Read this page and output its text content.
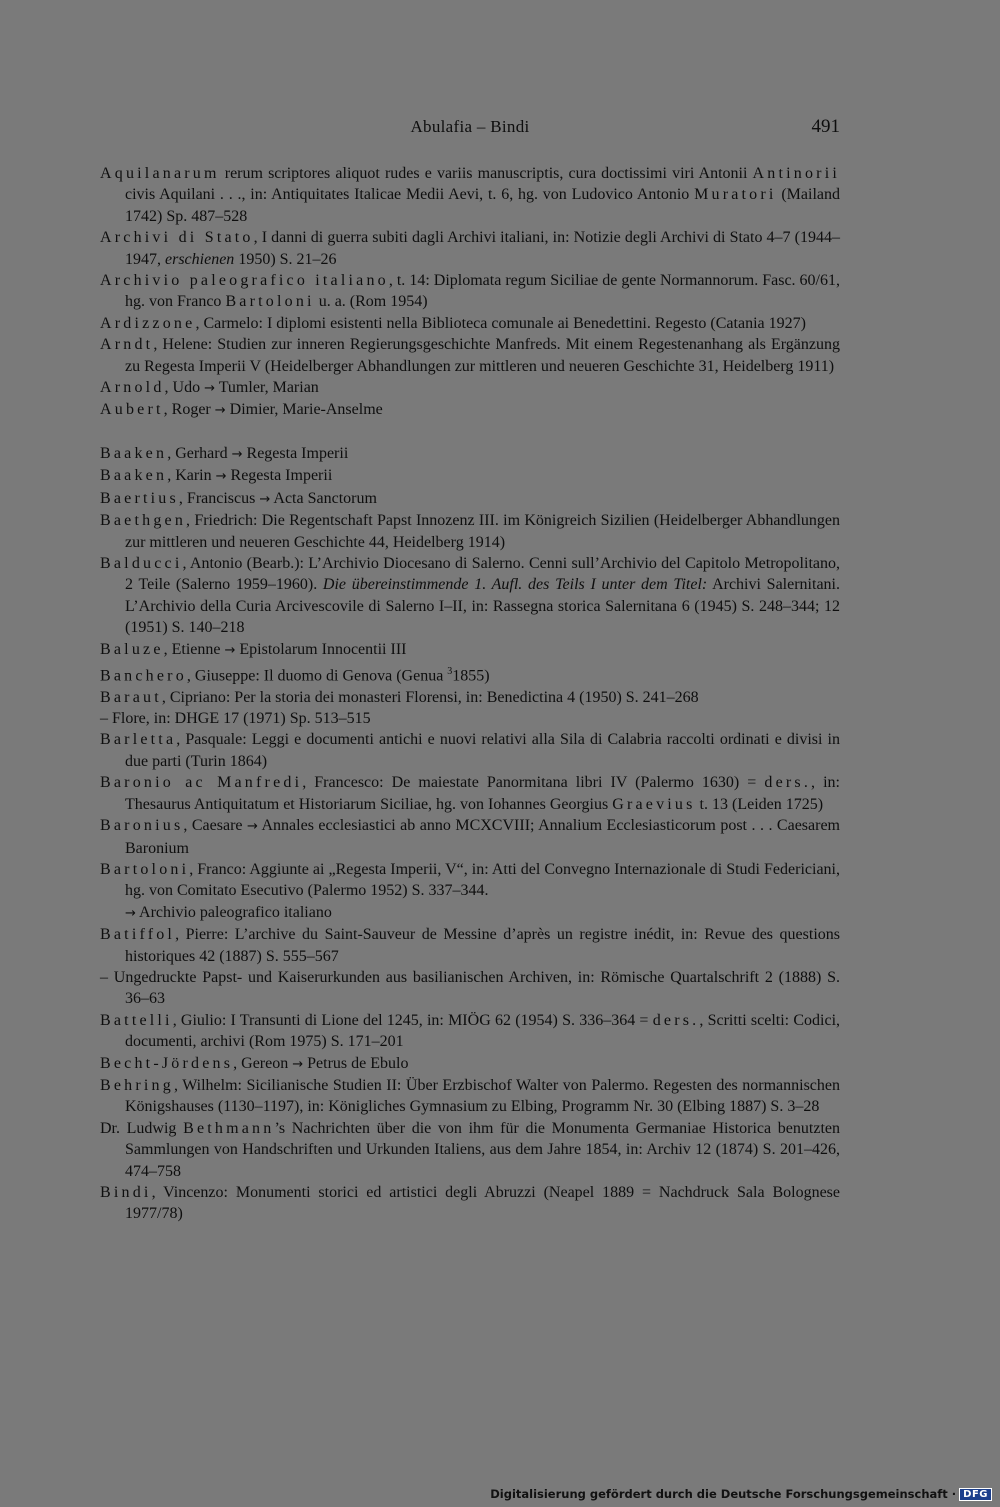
Abulafia – Bindi	491
Aquilanarum rerum scriptores aliquot rudes e variis manuscriptis, cura doctissimi viri Antonii Antinorii civis Aquilani . . ., in: Antiquitates Italicae Medii Aevi, t. 6, hg. von Ludovico Antonio Muratori (Mailand 1742) Sp. 487–528
Archivi di Stato, I danni di guerra subiti dagli Archivi italiani, in: Notizie degli Archivi di Stato 4–7 (1944–1947, erschienen 1950) S. 21–26
Archivio paleografico italiano, t. 14: Diplomata regum Siciliae de gente Normannorum. Fasc. 60/61, hg. von Franco Bartoloni u. a. (Rom 1954)
Ardizzone, Carmelo: I diplomi esistenti nella Biblioteca comunale ai Benedettini. Regesto (Catania 1927)
Arndt, Helene: Studien zur inneren Regierungsgeschichte Manfreds. Mit einem Regestenanhang als Ergänzung zu Regesta Imperii V (Heidelberger Abhandlungen zur mittleren und neueren Geschichte 31, Heidelberg 1911)
Arnold, Udo → Tumler, Marian
Aubert, Roger → Dimier, Marie-Anselme
Baaken, Gerhard → Regesta Imperii
Baaken, Karin → Regesta Imperii
Baertius, Franciscus → Acta Sanctorum
Baethgen, Friedrich: Die Regentschaft Papst Innozenz III. im Königreich Sizilien (Heidelberger Abhandlungen zur mittleren und neueren Geschichte 44, Heidelberg 1914)
Balducci, Antonio (Bearb.): L’Archivio Diocesano di Salerno. Cenni sull’Archivio del Capitolo Metropolitano, 2 Teile (Salerno 1959–1960). Die übereinstimmende 1. Aufl. des Teils I unter dem Titel: Archivi Salernitani. L’Archivio della Curia Arcivescovile di Salerno I–II, in: Rassegna storica Salernitana 6 (1945) S. 248–344; 12 (1951) S. 140–218
Baluze, Etienne → Epistolarum Innocentii III
Banchero, Giuseppe: Il duomo di Genova (Genua $^3$1855)
Baraut, Cipriano: Per la storia dei monasteri Florensi, in: Benedictina 4 (1950) S. 241–268
– Flore, in: DHGE 17 (1971) Sp. 513–515
Barletta, Pasquale: Leggi e documenti antichi e nuovi relativi alla Sila di Calabria raccolti ordinati e divisi in due parti (Turin 1864)
Baronio ac Manfredi, Francesco: De maiestate Panormitana libri IV (Palermo 1630) = ders., in: Thesaurus Antiquitatum et Historiarum Siciliae, hg. von Iohannes Georgius Graevius t. 13 (Leiden 1725)
Baronius, Caesare → Annales ecclesiastici ab anno MCXCVIII; Annalium Ecclesiasticorum post . . . Caesarem Baronium
Bartoloni, Franco: Aggiunte ai „Regesta Imperii, V“, in: Atti del Convegno Internazionale di Studi Federiciani, hg. von Comitato Esecutivo (Palermo 1952) S. 337–344.
→ Archivio paleografico italiano
Batiffol, Pierre: L’archive du Saint-Sauveur de Messine d’après un registre inédit, in: Revue des questions historiques 42 (1887) S. 555–567
– Ungedruckte Papst- und Kaiserurkunden aus basilianischen Archiven, in: Römische Quartalschrift 2 (1888) S. 36–63
Battelli, Giulio: I Transunti di Lione del 1245, in: MIÖG 62 (1954) S. 336–364 = ders., Scritti scelti: Codici, documenti, archivi (Rom 1975) S. 171–201
Becht-Jördens, Gereon → Petrus de Ebulo
Behring, Wilhelm: Sicilianische Studien II: Über Erzbischof Walter von Palermo. Regesten des normannischen Königshauses (1130–1197), in: Königliches Gymnasium zu Elbing, Programm Nr. 30 (Elbing 1887) S. 3–28
Dr. Ludwig Bethmann’s Nachrichten über die von ihm für die Monumenta Germaniae Historica benutzten Sammlungen von Handschriften und Urkunden Italiens, aus dem Jahre 1854, in: Archiv 12 (1874) S. 201–426, 474–758
Bindi, Vincenzo: Monumenti storici ed artistici degli Abruzzi (Neapel 1889 = Nachdruck Sala Bolognese 1977/78)
Digitalisierung gefördert durch die Deutsche Forschungsgemeinschaft · DFG
